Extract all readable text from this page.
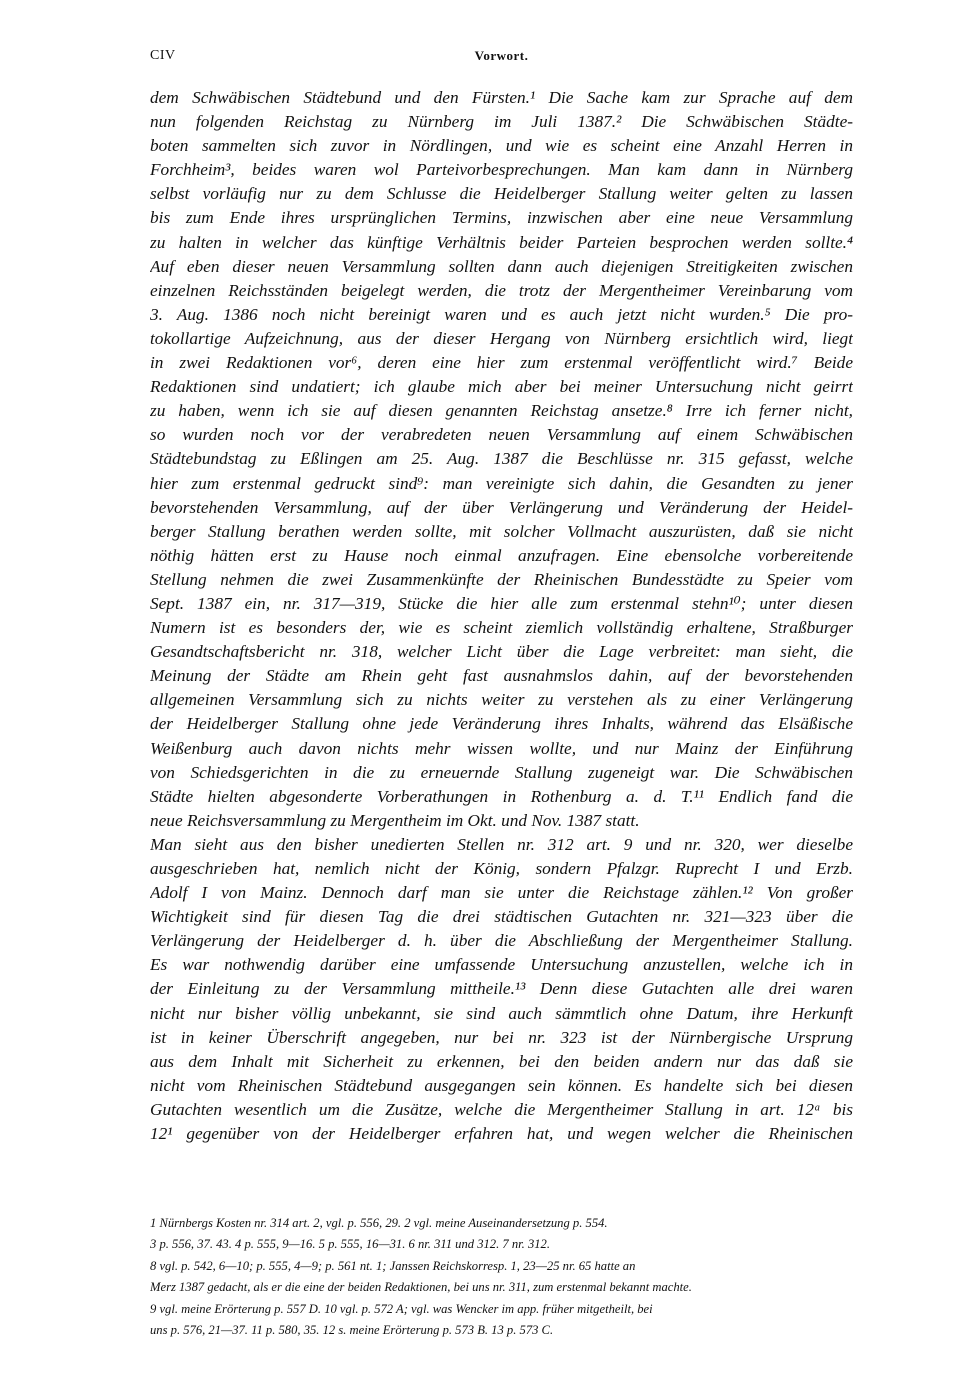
CIV	Vorwort.
dem Schwäbischen Städtebund und den Fürsten.¹ Die Sache kam zur Sprache auf dem
nun folgenden Reichstag zu Nürnberg im Juli 1387.² Die Schwäbischen Städte-
boten sammelten sich zuvor in Nördlingen, und wie es scheint eine Anzahl Herren in
Forchheim³, beides waren wol Parteivorbesprechungen. Man kam dann in Nürnberg
selbst vorläufig nur zu dem Schlusse die Heidelberger Stallung weiter gelten zu lassen
bis zum Ende ihres ursprünglichen Termins, inzwischen aber eine neue Versammlung
zu halten in welcher das künftige Verhältnis beider Parteien besprochen werden sollte.⁴
Auf eben dieser neuen Versammlung sollten dann auch diejenigen Streitigkeiten zwischen
einzelnen Reichsständen beigelegt werden, die trotz der Mergentheimer Vereinbarung vom
3. Aug. 1386 noch nicht bereinigt waren und es auch jetzt nicht wurden.⁵ Die pro-
tokollartige Aufzeichnung, aus der dieser Hergang von Nürnberg ersichtlich wird, liegt
in zwei Redaktionen vor⁶, deren eine hier zum erstenmal veröffentlicht wird.⁷ Beide
Redaktionen sind undatiert; ich glaube mich aber bei meiner Untersuchung nicht geirrt
zu haben, wenn ich sie auf diesen genannten Reichstag ansetze.⁸ Irre ich ferner nicht,
so wurden noch vor der verabredeten neuen Versammlung auf einem Schwäbischen
Städtebundstag zu Eßlingen am 25. Aug. 1387 die Beschlüsse nr. 315 gefasst, welche
hier zum erstenmal gedruckt sind⁹: man vereinigte sich dahin, die Gesandten zu jener
bevorstehenden Versammlung, auf der über Verlängerung und Veränderung der Heidel-
berger Stallung berathen werden sollte, mit solcher Vollmacht auszurüsten, daß sie nicht
nöthig hätten erst zu Hause noch einmal anzufragen. Eine ebensolche vorbereitende
Stellung nehmen die zwei Zusammenkünfte der Rheinischen Bundesstädte zu Speier vom
Sept. 1387 ein, nr. 317—319, Stücke die hier alle zum erstenmal stehn¹⁰; unter diesen
Numern ist es besonders der, wie es scheint ziemlich vollständig erhaltene, Straßburger
Gesandtschaftsbericht nr. 318, welcher Licht über die Lage verbreitet: man sieht, die
Meinung der Städte am Rhein geht fast ausnahmslos dahin, auf der bevorstehenden
allgemeinen Versammlung sich zu nichts weiter zu verstehen als zu einer Verlängerung
der Heidelberger Stallung ohne jede Veränderung ihres Inhalts, während das Elsäßische
Weißenburg auch davon nichts mehr wissen wollte, und nur Mainz der Einführung
von Schiedsgerichten in die zu erneuernde Stallung zugeneigt war. Die Schwäbischen
Städte hielten abgesonderte Vorberathungen in Rothenburg a. d. T.¹¹ Endlich fand die
neue Reichsversammlung zu Mergentheim im Okt. und Nov. 1387 statt.
Man sieht aus den bisher unedierten Stellen nr. 312 art. 9 und nr. 320, wer dieselbe
ausgeschrieben hat, nemlich nicht der König, sondern Pfalzgr. Ruprecht I und Erzb.
Adolf I von Mainz. Dennoch darf man sie unter die Reichstage zählen.¹² Von großer
Wichtigkeit sind für diesen Tag die drei städtischen Gutachten nr. 321—323 über die
Verlängerung der Heidelberger d. h. über die Abschließung der Mergentheimer Stallung.
Es war nothwendig darüber eine umfassende Untersuchung anzustellen, welche ich in
der Einleitung zu der Versammlung mittheile.¹³ Denn diese Gutachten alle drei waren
nicht nur bisher völlig unbekannt, sie sind auch sämmtlich ohne Datum, ihre Herkunft
ist in keiner Überschrift angegeben, nur bei nr. 323 ist der Nürnbergische Ursprung
aus dem Inhalt mit Sicherheit zu erkennen, bei den beiden andern nur das daß sie
nicht vom Rheinischen Städtebund ausgegangen sein können. Es handelte sich bei diesen
Gutachten wesentlich um die Zusätze, welche die Mergentheimer Stallung in art. 12ᵃ bis
12¹ gegenüber von der Heidelberger erfahren hat, und wegen welcher die Rheinischen
1 Nürnbergs Kosten nr. 314 art. 2, vgl. p. 556, 29. 2 vgl. meine Auseinandersetzung p. 554.
3 p. 556, 37. 43. 4 p. 555, 9—16. 5 p. 555, 16—31. 6 nr. 311 und 312. 7 nr. 312.
8 vgl. p. 542, 6—10; p. 555, 4—9; p. 561 nt. 1; Janssen Reichskorresp. 1, 23—25 nr. 65 hatte an
Merz 1387 gedacht, als er die eine der beiden Redaktionen, bei uns nr. 311, zum erstenmal bekannt machte.
9 vgl. meine Erörterung p. 557 D. 10 vgl. p. 572 A; vgl. was Wencker im app. früher mitgetheilt, bei
uns p. 576, 21—37. 11 p. 580, 35. 12 s. meine Erörterung p. 573 B. 13 p. 573 C.
